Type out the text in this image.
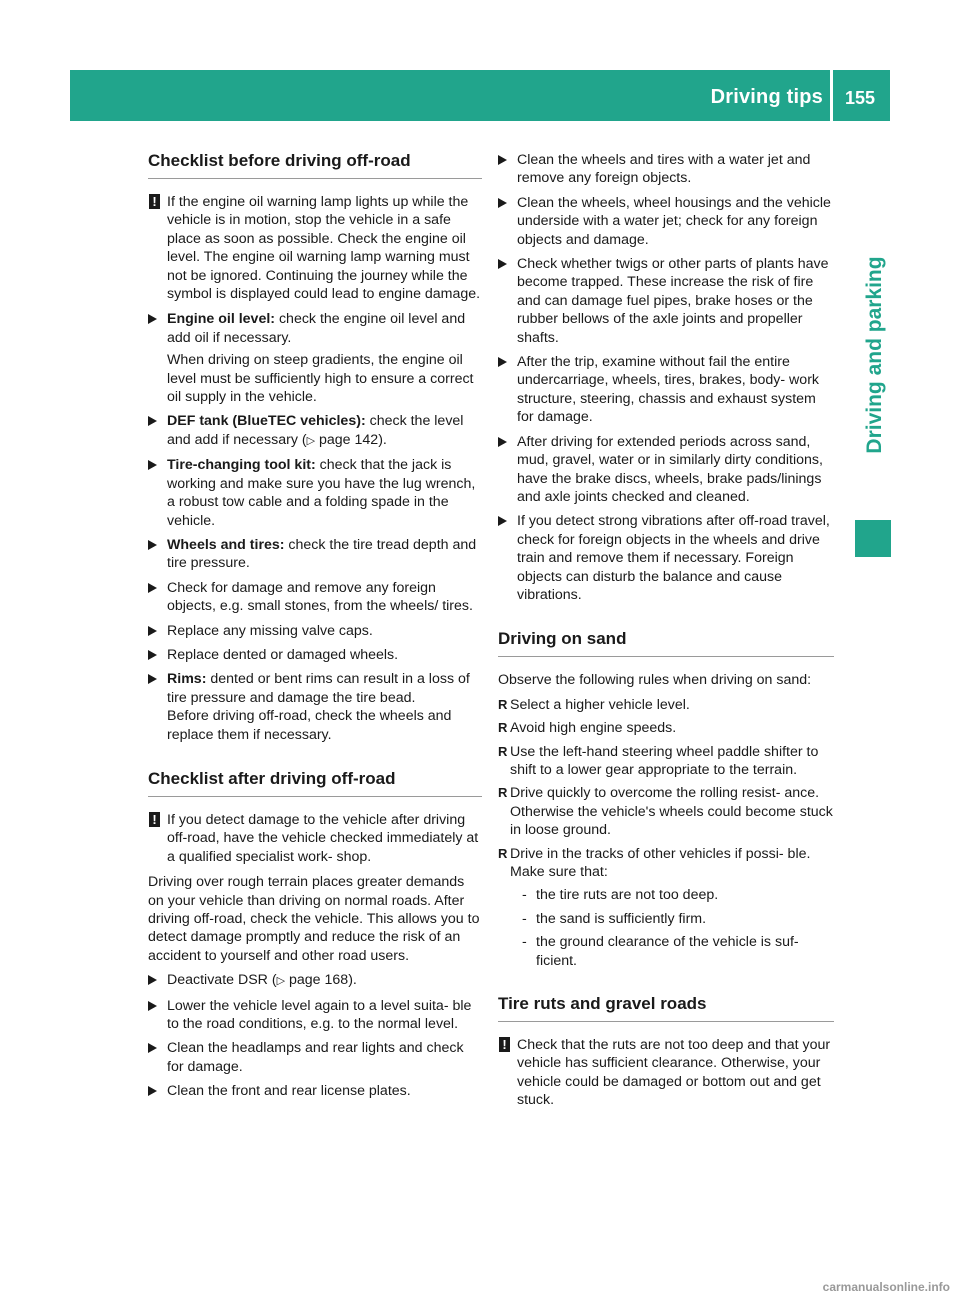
Driving tips 155
Driving and parking
Checklist before driving off-road
! If the engine oil warning lamp lights up while the vehicle is in motion, stop the vehicle in a safe place as soon as possible. Check the engine oil level. The engine oil warning lamp warning must not be ignored. Continuing the journey while the symbol is displayed could lead to engine damage.
Engine oil level: check the engine oil level and add oil if necessary.
When driving on steep gradients, the engine oil level must be sufficiently high to ensure a correct oil supply in the vehicle.
DEF tank (BlueTEC vehicles): check the level and add if necessary (▷ page 142).
Tire-changing tool kit: check that the jack is working and make sure you have the lug wrench, a robust tow cable and a folding spade in the vehicle.
Wheels and tires: check the tire tread depth and tire pressure.
Check for damage and remove any foreign objects, e.g. small stones, from the wheels/ tires.
Replace any missing valve caps.
Replace dented or damaged wheels.
Rims: dented or bent rims can result in a loss of tire pressure and damage the tire bead.
Before driving off-road, check the wheels and replace them if necessary.
Checklist after driving off-road
! If you detect damage to the vehicle after driving off-road, have the vehicle checked immediately at a qualified specialist work- shop.

Driving over rough terrain places greater demands on your vehicle than driving on normal roads. After driving off-road, check the vehicle. This allows you to detect damage promptly and reduce the risk of an accident to yourself and other road users.

Deactivate DSR (▷ page 168).
Lower the vehicle level again to a level suita- ble to the road conditions, e.g. to the normal level.
Clean the headlamps and rear lights and check for damage.
Clean the front and rear license plates.
Clean the wheels and tires with a water jet and remove any foreign objects.
Clean the wheels, wheel housings and the vehicle underside with a water jet; check for any foreign objects and damage.
Check whether twigs or other parts of plants have become trapped. These increase the risk of fire and can damage fuel pipes, brake hoses or the rubber bellows of the axle joints and propeller shafts.
After the trip, examine without fail the entire undercarriage, wheels, tires, brakes, body- work structure, steering, chassis and exhaust system for damage.
After driving for extended periods across sand, mud, gravel, water or in similarly dirty conditions, have the brake discs, wheels, brake pads/linings and axle joints checked and cleaned.
If you detect strong vibrations after off-road travel, check for foreign objects in the wheels and drive train and remove them if necessary. Foreign objects can disturb the balance and cause vibrations.
Driving on sand

Observe the following rules when driving on sand:

R Select a higher vehicle level.
R Avoid high engine speeds.
R Use the left-hand steering wheel paddle shifter to shift to a lower gear appropriate to the terrain.
R Drive quickly to overcome the rolling resist- ance. Otherwise the vehicle's wheels could become stuck in loose ground.
R Drive in the tracks of other vehicles if possi- ble. Make sure that:
- the tire ruts are not too deep.
- the sand is sufficiently firm.
- the ground clearance of the vehicle is suf- ficient.
Tire ruts and gravel roads
! Check that the ruts are not too deep and that your vehicle has sufficient clearance. Otherwise, your vehicle could be damaged or bottom out and get stuck.
carmanualsonline.info
